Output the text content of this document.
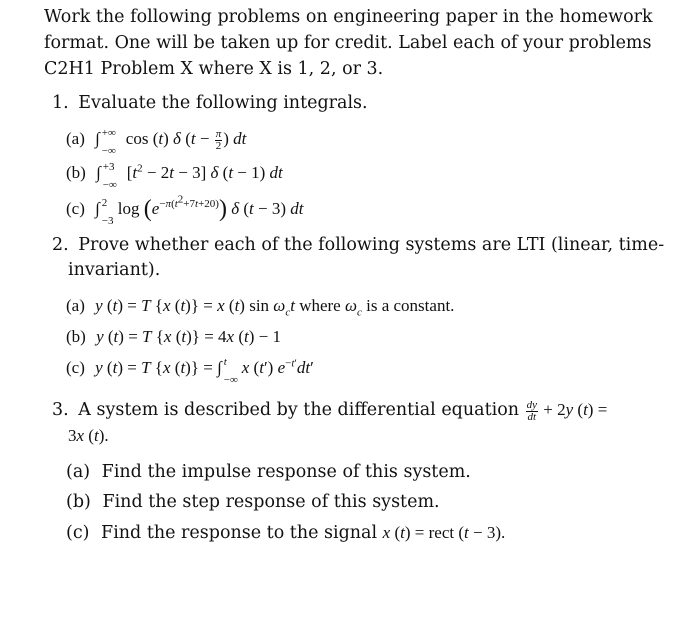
Work the following problems on engineering paper in the homework
format. One will be taken up for credit. Label each of your problems
C2H1 Problem X where X is 1, 2, or 3.
1. Evaluate the following integrals.
(a) ∫ +∞
−∞
cos (t) δ ($t - \frac{\pi}{2}$ ) dt
(b) ∫ +3
−∞
$[t^2 - 2t - 3]$ δ (t − 1) dt
(c) ∫ 2
−3
$\log (e^{-\pi(t^2+7t+20)})$ δ (t − 3) dt
2. Prove whether each of the following systems are LTI (linear, time-
invariant).
(a) y (t) = T {x (t)} = x (t) $\sin \omega_ct$ where $\omega_c$ is a constant.
(b) y (t) = T {x (t)} = 4x (t) − 1
(c) y (t) = T {x (t)} = ∫ t
−∞
x (t′) $e^{-t'}dt'$
3. A system is described by the differential equation $\frac{dy}{dt} + 2y$ (t) =
3x (t).
(a) Find the impulse response of this system.
(b) Find the step response of this system.
(c) Find the response to the signal x (t) = rect (t − 3).
